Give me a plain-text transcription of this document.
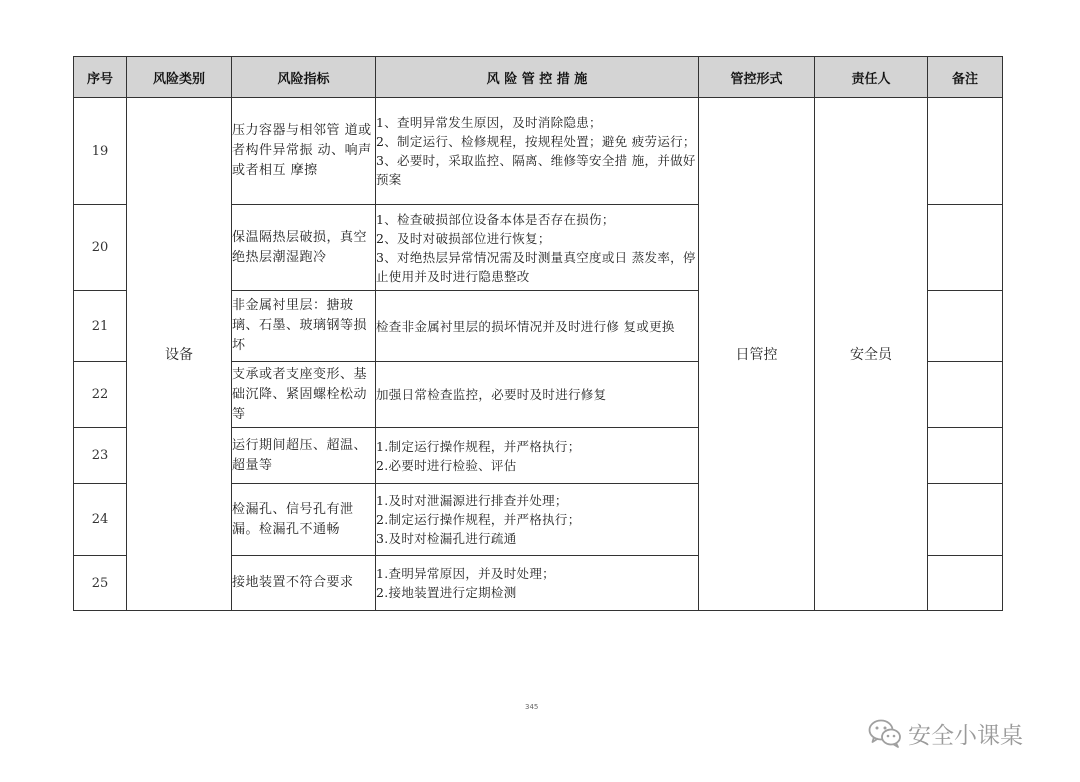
序号	风险类别	风险指标	风 险 管 控 措 施	管控形式	责任人	备注
19	设备	压力容器与相邻管 道或者构件异常振 动、响声或者相互 摩擦	1、查明异常发生原因，及时消除隐患；
2、制定运行、检修规程，按规程处置；避免 疲劳运行；
3、必要时，采取监控、隔离、维修等安全措 施，并做好预案	日管控	安全员	
20		保温隔热层破损，真空绝热层潮湿跑冷	1、检查破损部位设备本体是否存在损伤；
2、及时对破损部位进行恢复；
3、对绝热层异常情况需及时测量真空度或日 蒸发率，停止使用并及时进行隐患整改			

21		非金属衬里层：搪玻璃、石墨、玻璃钢等损坏	检查非金属衬里层的损坏情况并及时进行修 复或更换			

22		支承或者支座变形、基础沉降、紧固螺栓松动等	加强日常检查监控，必要时及时进行修复			

23		运行期间超压、超温、超量等	1.制定运行操作规程，并严格执行；
2.必要时进行检验、评估			

24		检漏孔、信号孔有泄漏。检漏孔不通畅	1.及时对泄漏源进行排查并处理；
2.制定运行操作规程，并严格执行；
3.及时对检漏孔进行疏通			

25		接地装置不符合要求	1.查明异常原因，并及时处理；
2.接地装置进行定期检测			

345
安全小课桌
